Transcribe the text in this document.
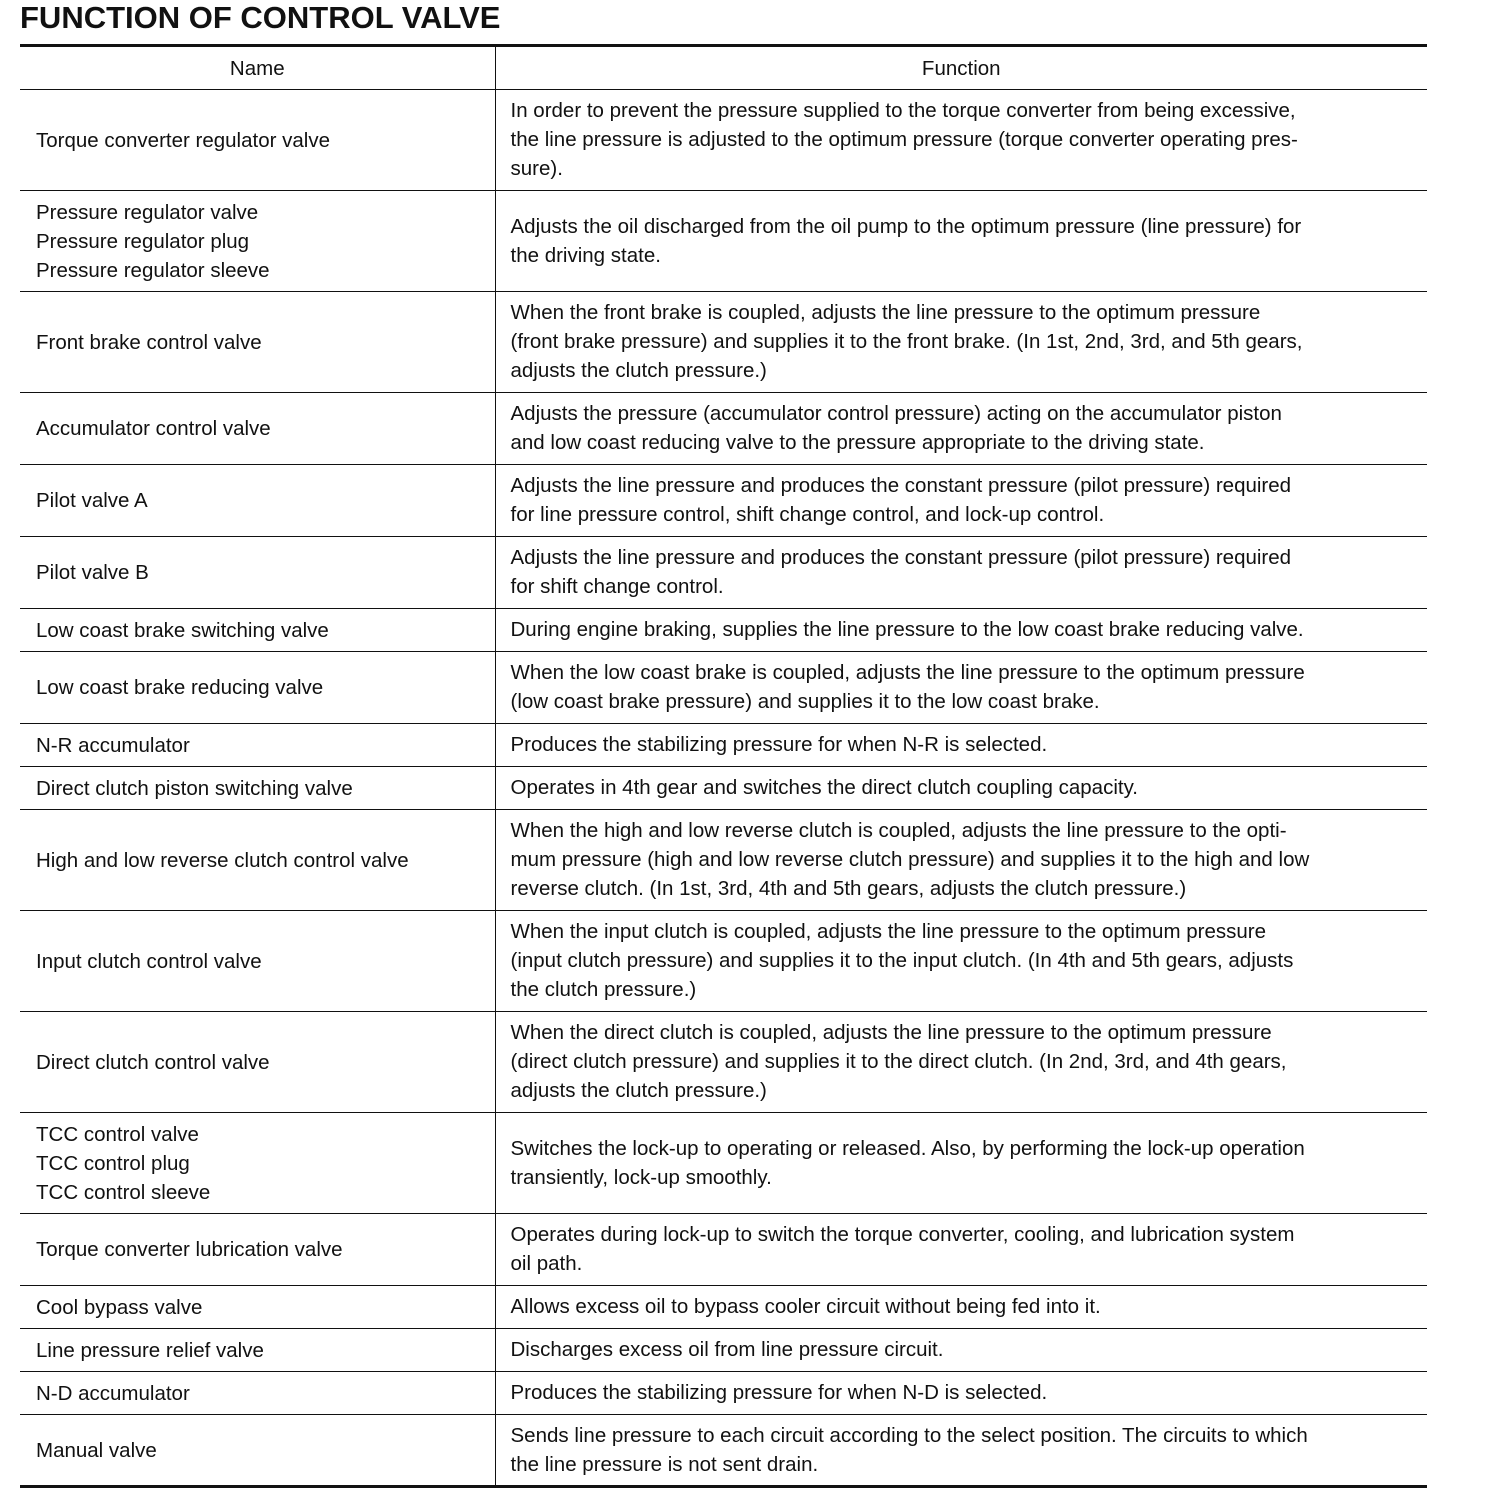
FUNCTION OF CONTROL VALVE
Name	Function

Torque converter regulator valve	In order to prevent the pressure supplied to the torque converter from being excessive,
the line pressure is adjusted to the optimum pressure (torque converter operating pres-
sure).

Pressure regulator valve
Pressure regulator plug
Pressure regulator sleeve	Adjusts the oil discharged from the oil pump to the optimum pressure (line pressure) for
the driving state.

Front brake control valve	When the front brake is coupled, adjusts the line pressure to the optimum pressure
(front brake pressure) and supplies it to the front brake. (In 1st, 2nd, 3rd, and 5th gears,
adjusts the clutch pressure.)

Accumulator control valve	Adjusts the pressure (accumulator control pressure) acting on the accumulator piston
and low coast reducing valve to the pressure appropriate to the driving state.

Pilot valve A	Adjusts the line pressure and produces the constant pressure (pilot pressure) required
for line pressure control, shift change control, and lock-up control.

Pilot valve B	Adjusts the line pressure and produces the constant pressure (pilot pressure) required
for shift change control.

Low coast brake switching valve	During engine braking, supplies the line pressure to the low coast brake reducing valve.

Low coast brake reducing valve	When the low coast brake is coupled, adjusts the line pressure to the optimum pressure
(low coast brake pressure) and supplies it to the low coast brake.

N-R accumulator	Produces the stabilizing pressure for when N-R is selected.

Direct clutch piston switching valve	Operates in 4th gear and switches the direct clutch coupling capacity.

High and low reverse clutch control valve	When the high and low reverse clutch is coupled, adjusts the line pressure to the opti-
mum pressure (high and low reverse clutch pressure) and supplies it to the high and low
reverse clutch. (In 1st, 3rd, 4th and 5th gears, adjusts the clutch pressure.)

Input clutch control valve	When the input clutch is coupled, adjusts the line pressure to the optimum pressure
(input clutch pressure) and supplies it to the input clutch. (In 4th and 5th gears, adjusts
the clutch pressure.)

Direct clutch control valve	When the direct clutch is coupled, adjusts the line pressure to the optimum pressure
(direct clutch pressure) and supplies it to the direct clutch. (In 2nd, 3rd, and 4th gears,
adjusts the clutch pressure.)

TCC control valve
TCC control plug
TCC control sleeve	Switches the lock-up to operating or released. Also, by performing the lock-up operation
transiently, lock-up smoothly.

Torque converter lubrication valve	Operates during lock-up to switch the torque converter, cooling, and lubrication system
oil path.

Cool bypass valve	Allows excess oil to bypass cooler circuit without being fed into it.

Line pressure relief valve	Discharges excess oil from line pressure circuit.

N-D accumulator	Produces the stabilizing pressure for when N-D is selected.

Manual valve	Sends line pressure to each circuit according to the select position. The circuits to which
the line pressure is not sent drain.
